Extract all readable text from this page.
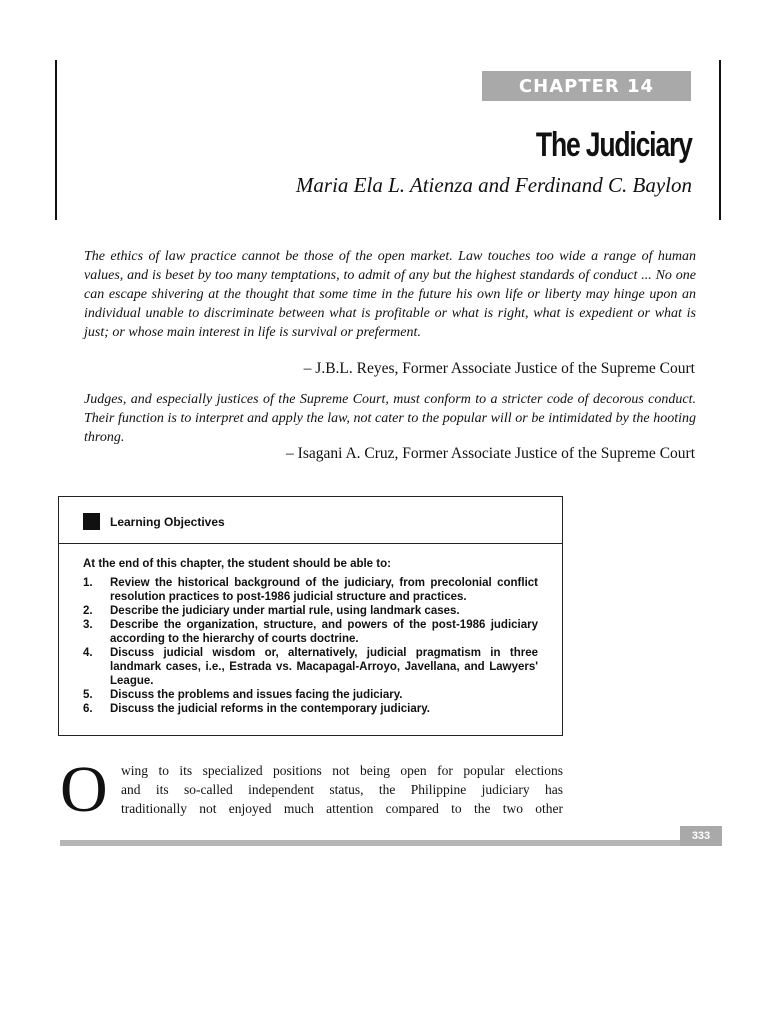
CHAPTER 14
The Judiciary
Maria Ela L. Atienza and Ferdinand C. Baylon
The ethics of law practice cannot be those of the open market. Law touches too wide a range of human values, and is beset by too many temptations, to admit of any but the highest standards of conduct ... No one can escape shivering at the thought that some time in the future his own life or liberty may hinge upon an individual unable to discriminate between what is profitable or what is right, what is expedient or what is just; or whose main interest in life is survival or preferment.
– J.B.L. Reyes, Former Associate Justice of the Supreme Court
Judges, and especially justices of the Supreme Court, must conform to a stricter code of decorous conduct. Their function is to interpret and apply the law, not cater to the popular will or be intimidated by the hooting throng.
– Isagani A. Cruz, Former Associate Justice of the Supreme Court
Learning Objectives
At the end of this chapter, the student should be able to:
1.	Review the historical background of the judiciary, from precolonial conflict resolution practices to post-1986 judicial structure and practices.
2.	Describe the judiciary under martial rule, using landmark cases.
3.	Describe the organization, structure, and powers of the post-1986 judiciary according to the hierarchy of courts doctrine.
4.	Discuss judicial wisdom or, alternatively, judicial pragmatism in three landmark cases, i.e., Estrada vs. Macapagal-Arroyo, Javellana, and Lawyers' League.
5.	Discuss the problems and issues facing the judiciary.
6.	Discuss the judicial reforms in the contemporary judiciary.
O wing to its specialized positions not being open for popular elections
and its so-called independent status, the Philippine judiciary has
traditionally not enjoyed much attention compared to the two other
333
